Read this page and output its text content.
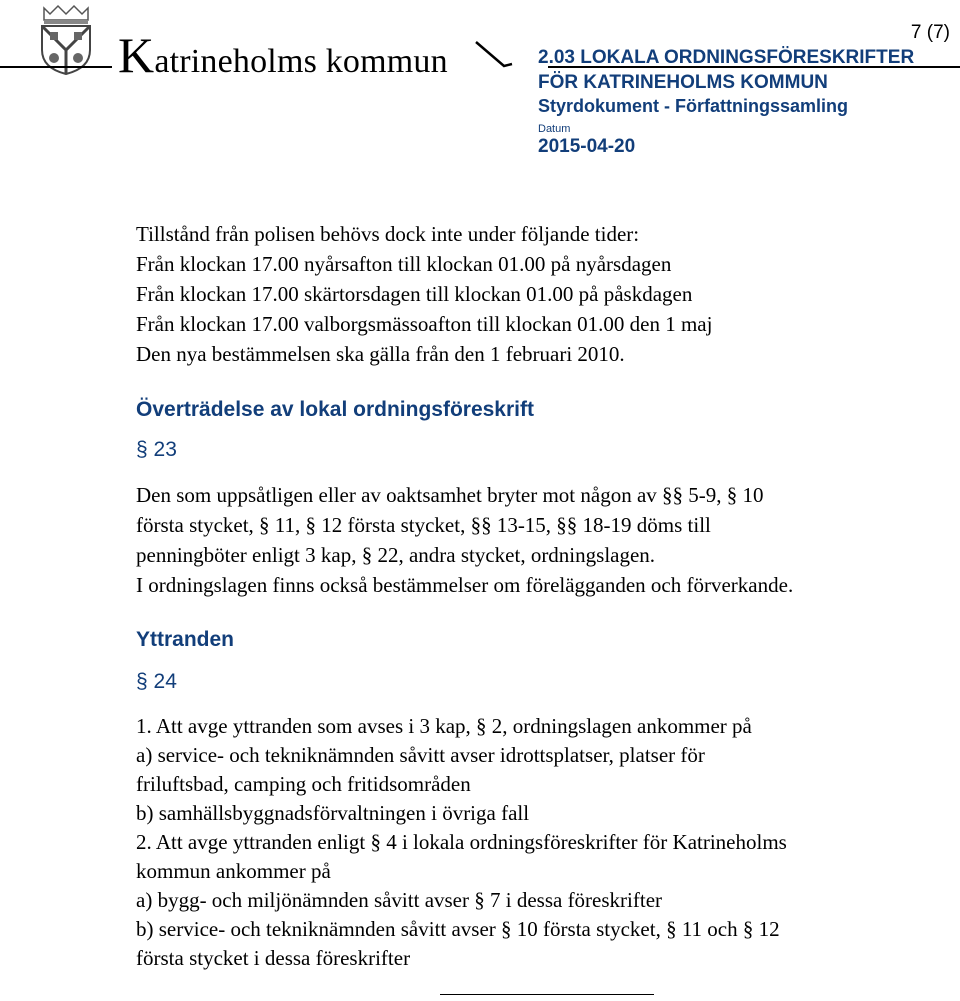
Katrineholms kommun
7 (7)
2.03 LOKALA ORDNINGSFÖRESKRIFTER
FÖR KATRINEHOLMS KOMMUN
Styrdokument - Författningssamling
Datum
2015-04-20
Tillstånd från polisen behövs dock inte under följande tider:
Från klockan 17.00 nyårsafton till klockan 01.00 på nyårsdagen
Från klockan 17.00 skärtorsdagen till klockan 01.00 på påskdagen
Från klockan 17.00 valborgsmässoafton till klockan 01.00 den 1 maj
Den nya bestämmelsen ska gälla från den 1 februari 2010.
Överträdelse av lokal ordningsföreskrift
§ 23
Den som uppsåtligen eller av oaktsamhet bryter mot någon av §§ 5-9, § 10
första stycket, § 11, § 12 första stycket, §§ 13-15, §§ 18-19 döms till
penningböter enligt 3 kap, § 22, andra stycket, ordningslagen.
I ordningslagen finns också bestämmelser om förelägganden och förverkande.
Yttranden
§ 24
1. Att avge yttranden som avses i 3 kap, § 2, ordningslagen ankommer på
a) service- och tekniknämnden såvitt avser idrottsplatser, platser för
friluftsbad, camping och fritidsområden
b) samhällsbyggnadsförvaltningen i övriga fall
2. Att avge yttranden enligt § 4 i lokala ordningsföreskrifter för Katrineholms
kommun ankommer på
a) bygg- och miljönämnden såvitt avser § 7 i dessa föreskrifter
b) service- och tekniknämnden såvitt avser § 10 första stycket, § 11 och § 12
första stycket i dessa föreskrifter
